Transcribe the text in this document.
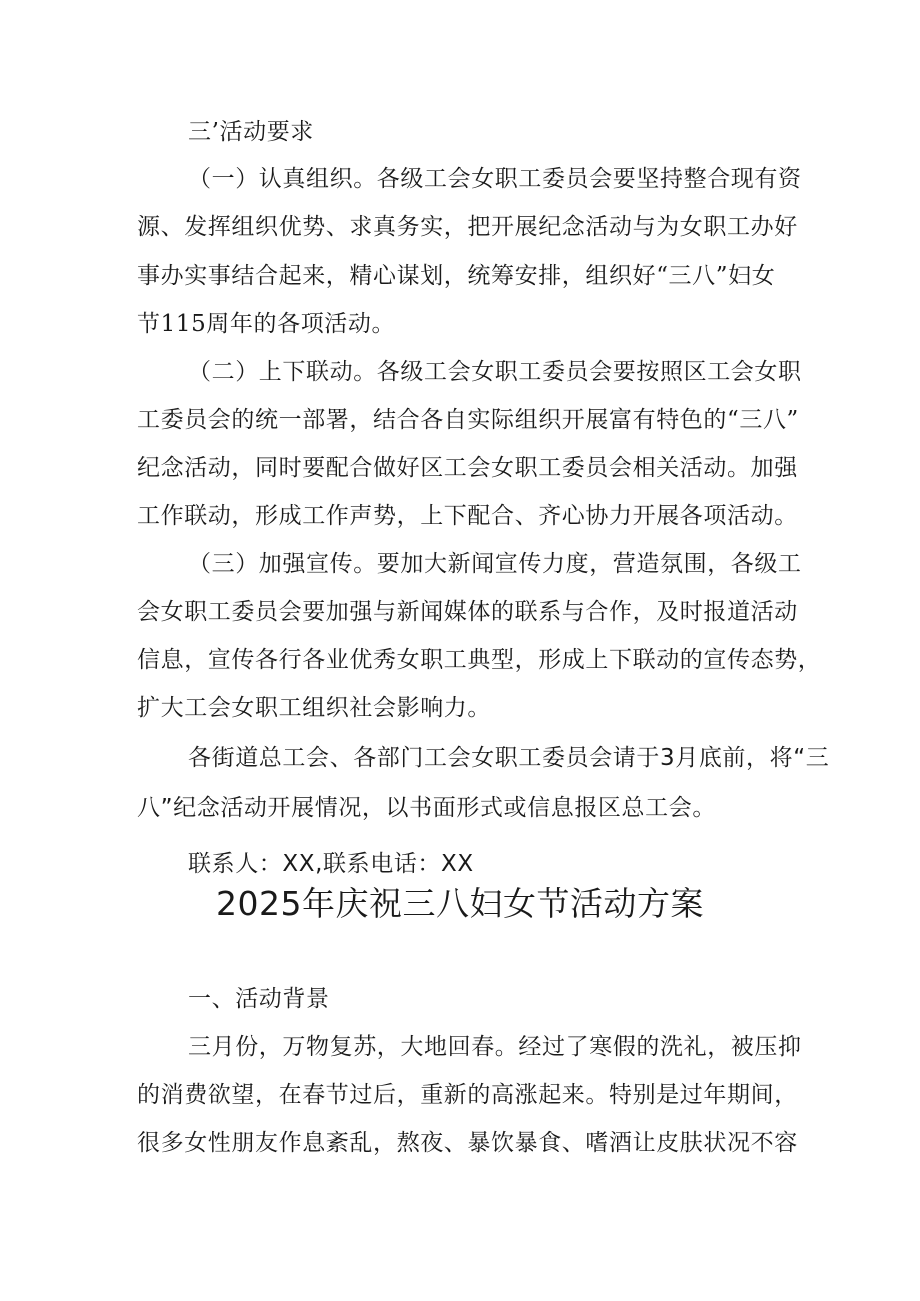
三’活动要求
（一）认真组织。各级工会女职工委员会要坚持整合现有资
源、发挥组织优势、求真务实，把开展纪念活动与为女职工办好
事办实事结合起来，精心谋划，统筹安排，组织好“三八”妇女
节115周年的各项活动。
（二）上下联动。各级工会女职工委员会要按照区工会女职
工委员会的统一部署，结合各自实际组织开展富有特色的“三八”
纪念活动，同时要配合做好区工会女职工委员会相关活动。加强
工作联动，形成工作声势，上下配合、齐心协力开展各项活动。
（三）加强宣传。要加大新闻宣传力度，营造氛围，各级工
会女职工委员会要加强与新闻媒体的联系与合作，及时报道活动
信息，宣传各行各业优秀女职工典型，形成上下联动的宣传态势，
扩大工会女职工组织社会影响力。
各街道总工会、各部门工会女职工委员会请于3月底前，将“三
八”纪念活动开展情况，以书面形式或信息报区总工会。
联系人：XX,联系电话：XX
2025年庆祝三八妇女节活动方案
一、活动背景
三月份，万物复苏，大地回春。经过了寒假的洗礼，被压抑
的消费欲望，在春节过后，重新的高涨起来。特别是过年期间，
很多女性朋友作息紊乱，熬夜、暴饮暴食、嗜酒让皮肤状况不容
